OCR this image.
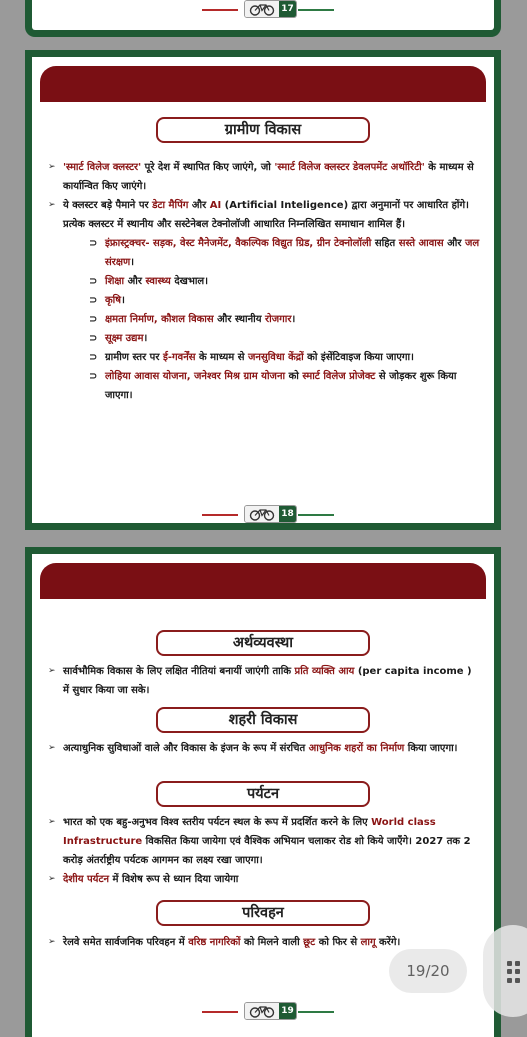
17
ग्रामीण विकास
➢ 'स्मार्ट विलेज क्लस्टर' पूरे देश में स्थापित किए जाएंगे, जो 'स्मार्ट विलेज क्लस्टर डेवलपमेंट अथॉरिटी' के माध्यम से कार्यान्वित किए जाएंगे।
➢ ये क्लस्टर बड़े पैमाने पर डेटा मैपिंग और AI (Artificial Inteligence) द्वारा अनुमानों पर आधारित होंगे। प्रत्येक क्लस्टर में स्थानीय और सस्टेनेबल टेक्नोलॉजी आधारित निम्नलिखित समाधान शामिल हैं।
⊃ इंफ्रास्ट्रक्चर- सड़क, वेस्ट मैनेजमेंट, वैकल्पिक विद्युत ग्रिड, ग्रीन टेक्नोलॉली सहित सस्ते आवास और जल संरक्षण।
⊃ शिक्षा और स्वास्थ्य देखभाल।
⊃ कृषि।
⊃ क्षमता निर्माण, कौशल विकास और स्थानीय रोजगार।
⊃ सूक्ष्म उद्यम।
⊃ ग्रामीण स्तर पर ई-गवर्नेंस के माध्यम से जनसुविधा केंद्रों को इंसेंटिवाइज किया जाएगा।
⊃ लोहिया आवास योजना, जनेश्वर मिश्र ग्राम योजना को स्मार्ट विलेज प्रोजेक्ट से जोड़कर शुरू किया जाएगा।
18
अर्थव्यवस्था
➢ सार्वभौमिक विकास के लिए लक्षित नीतियां बनायीं जाएंगी ताकि प्रति व्यक्ति आय (per capita income ) में सुधार किया जा सके।
शहरी विकास
➢ अत्याधुनिक सुविधाओं वाले और विकास के इंजन के रूप में संरचित आधुनिक शहरों का निर्माण किया जाएगा।
पर्यटन
➢ भारत को एक बहु-अनुभव विश्व स्तरीय पर्यटन स्थल के रूप में प्रदर्शित करने के लिए World class Infrastructure विकसित किया जायेगा एवं वैश्विक अभियान चलाकर रोड शो किये जाएँगे। 2027 तक 2 करोड़ अंतर्राष्ट्रीय पर्यटक आगमन का लक्ष्य रखा जाएगा।
➢ देशीय पर्यटन में विशेष रूप से ध्यान दिया जायेगा
परिवहन
➢ रेलवे समेत सार्वजनिक परिवहन में वरिष्ठ नागरिकों को मिलने वाली छूट को फिर से लागू करेंगे।
19
19/20
